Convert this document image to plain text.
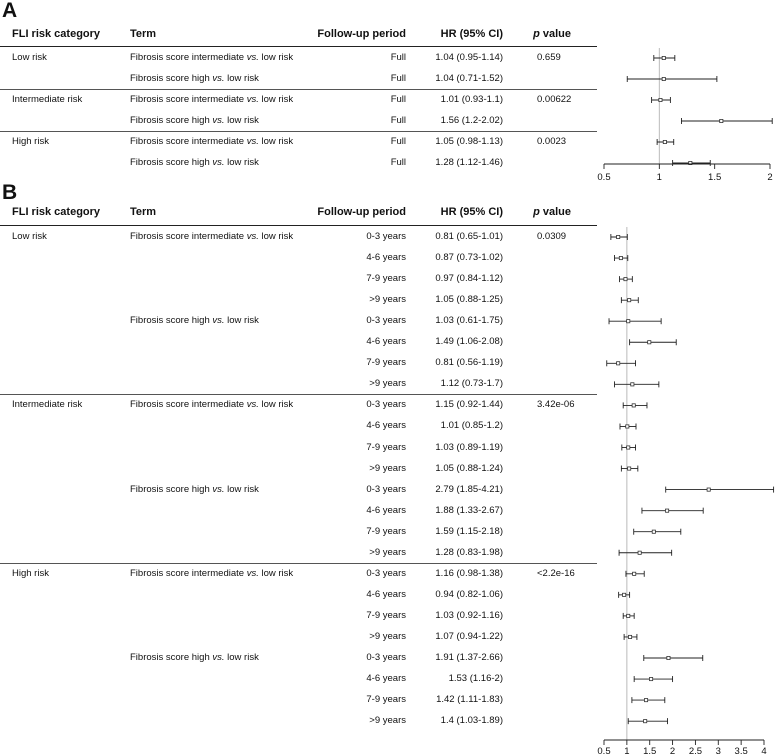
A
FLI risk category	Term	Follow-up period	HR (95% CI)	p value
Low risk	Fibrosis score intermediate vs. low risk	Full	1.04 (0.95-1.14)	0.659
Fibrosis score high vs. low risk	Full	1.04 (0.71-1.52)
Intermediate risk	Fibrosis score intermediate vs. low risk	Full	1.01 (0.93-1.1)	0.00622
Fibrosis score high vs. low risk	Full	1.56 (1.2-2.02)
High risk	Fibrosis score intermediate vs. low risk	Full	1.05 (0.98-1.13)	0.0023
Fibrosis score high vs. low risk	Full	1.28 (1.12-1.46)
B
FLI risk category	Term	Follow-up period	HR (95% CI)	p value
Low risk	Fibrosis score intermediate vs. low risk	0-3 years	0.81 (0.65-1.01)	0.0309
4-6 years	0.87 (0.73-1.02)
7-9 years	0.97 (0.84-1.12)
>9 years	1.05 (0.88-1.25)
Fibrosis score high vs. low risk	0-3 years	1.03 (0.61-1.75)
4-6 years	1.49 (1.06-2.08)
7-9 years	0.81 (0.56-1.19)
>9 years	1.12 (0.73-1.7)
Intermediate risk	Fibrosis score intermediate vs. low risk	0-3 years	1.15 (0.92-1.44)	3.42e-06
4-6 years	1.01 (0.85-1.2)
7-9 years	1.03 (0.89-1.19)
>9 years	1.05 (0.88-1.24)
Fibrosis score high vs. low risk	0-3 years	2.79 (1.85-4.21)
4-6 years	1.88 (1.33-2.67)
7-9 years	1.59 (1.15-2.18)
>9 years	1.28 (0.83-1.98)
High risk	Fibrosis score intermediate vs. low risk	0-3 years	1.16 (0.98-1.38)	<2.2e-16
4-6 years	0.94 (0.82-1.06)
7-9 years	1.03 (0.92-1.16)
>9 years	1.07 (0.94-1.22)
Fibrosis score high vs. low risk	0-3 years	1.91 (1.37-2.66)
4-6 years	1.53 (1.16-2)
7-9 years	1.42 (1.11-1.83)
>9 years	1.4 (1.03-1.89)
0.5	1	1.5	2
0.5 1 1.5 2 2.5 3 3.5 4
